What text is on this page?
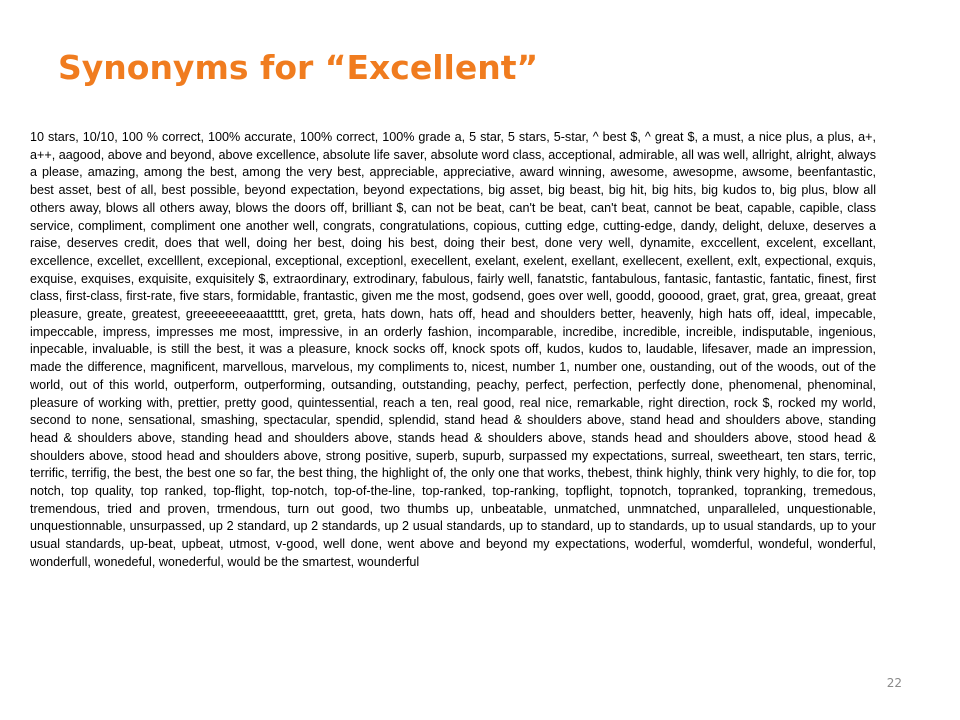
Synonyms for “Excellent”

10 stars, 10/10, 100 % correct, 100% accurate, 100% correct, 100% grade a, 5 star, 5 stars, 5-star, ^ best $, ^ great $, a must, a nice plus, a plus, a+, a++, aagood, above and beyond, above excellence, absolute life saver, absolute word class, acceptional, admirable, all was well, allright, alright, always a please, amazing, among the best, among the very best, appreciable, appreciative, award winning, awesome, awesopme, awsome, beenfantastic, best asset, best of all, best possible, beyond expectation, beyond expectations, big asset, big beast, big hit, big hits, big kudos to, big plus, blow all others away, blows all others away, blows the doors off, brilliant $, can not be beat, can't be beat, can't beat, cannot be beat, capable, capible, class service, compliment, compliment one another well, congrats, congratulations, copious, cutting edge, cutting-edge, dandy, delight, deluxe, deserves a raise, deserves credit, does that well, doing her best, doing his best, doing their best, done very well, dynamite, exccellent, excelent, excellant, excellence, excellet, excelllent, excepional, exceptional, exceptionl, execellent, exelant, exelent, exellant, exellecent, exellent, exlt, expectional, exquis, exquise, exquises, exquisite, exquisitely $, extraordinary, extrodinary, fabulous, fairly well, fanatstic, fantabulous, fantasic, fantastic, fantatic, finest, first class, first-class, first-rate, five stars, formidable, frantastic, given me the most, godsend, goes over well, goodd, gooood, graet, grat, grea, greaat, great pleasure, greate, greatest, greeeeeeeaaattttt, gret, greta, hats down, hats off, head and shoulders better, heavenly, high hats off, ideal, impecable, impeccable, impress, impresses me most, impressive, in an orderly fashion, incomparable, incredibe, incredible, increible, indisputable, ingenious, inpecable, invaluable, is still the best, it was a pleasure, knock socks off, knock spots off, kudos, kudos to, laudable, lifesaver, made an impression, made the difference, magnificent, marvellous, marvelous, my compliments to, nicest, number 1, number one, oustanding, out of the woods, out of the world, out of this world, outperform, outperforming, outsanding, outstanding, peachy, perfect, perfection, perfectly done, phenomenal, phenominal, pleasure of working with, prettier, pretty good, quintessential, reach a ten, real good, real nice, remarkable, right direction, rock $, rocked my world, second to none, sensational, smashing, spectacular, spendid, splendid, stand head & shoulders above, stand head and shoulders above, standing head & shoulders above, standing head and shoulders above, stands head & shoulders above, stands head and shoulders above, stood head & shoulders above, stood head and shoulders above, strong positive, superb, supurb, surpassed my expectations, surreal, sweetheart, ten stars, terric, terrific, terrifig, the best, the best one so far, the best thing, the highlight of, the only one that works, thebest, think highly, think very highly, to die for, top notch, top quality, top ranked, top-flight, top-notch, top-of-the-line, top-ranked, top-ranking, topflight, topnotch, topranked, topranking, tremedous, tremendous, tried and proven, trmendous, turn out good, two thumbs up, unbeatable, unmatched, unmnatched, unparalleled, unquestionable, unquestionnable, unsurpassed, up 2 standard, up 2 standards, up 2 usual standards, up to standard, up to standards, up to usual standards, up to your usual standards, up-beat, upbeat, utmost, v-good, well done, went above and beyond my expectations, woderful, womderful, wondeful, wonderful, wonderfull, wonedeful, wonederful, would be the smartest, wounderful

22
